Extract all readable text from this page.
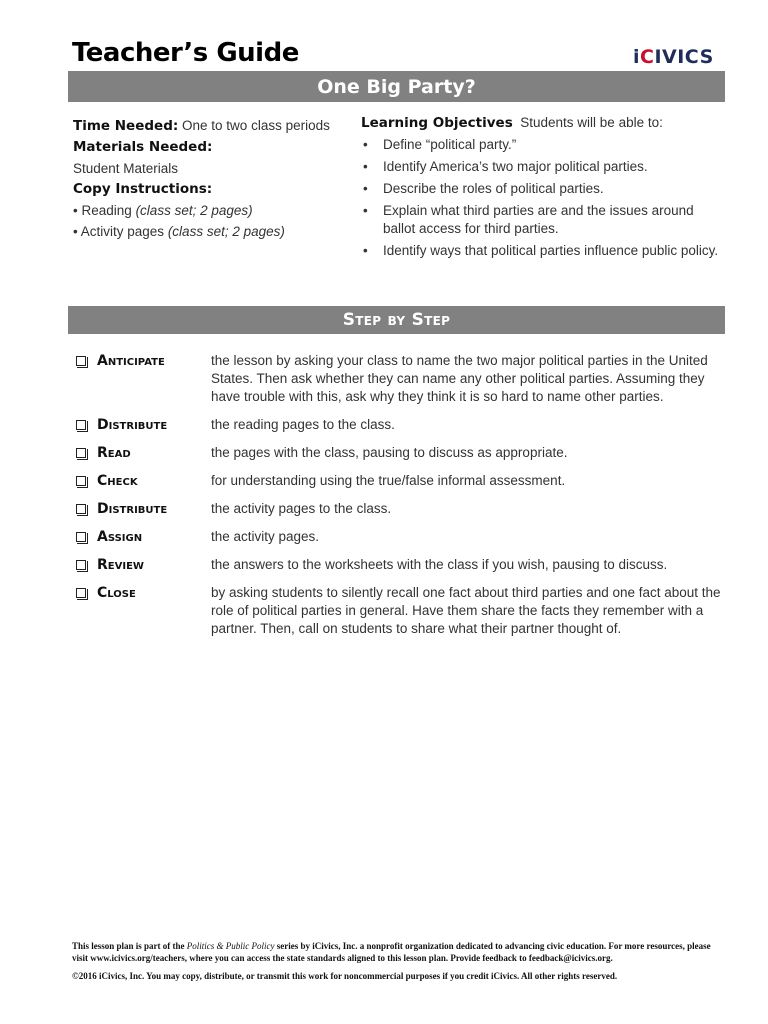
Teacher’s Guide	iCIVICS
One Big Party?
Time Needed: One to two class periods
Materials Needed:
Student Materials
Copy Instructions:
• Reading (class set; 2 pages)
• Activity pages (class set; 2 pages)
Learning Objectives Students will be able to:
• Define “political party.”
• Identify America’s two major political parties.
• Describe the roles of political parties.
• Explain what third parties are and the issues around ballot access for third parties.
• Identify ways that political parties influence public policy.
Step by Step
Anticipate	the lesson by asking your class to name the two major political parties in the United States. Then ask whether they can name any other political parties. Assuming they have trouble with this, ask why they think it is so hard to name other parties.
Distribute	the reading pages to the class.
Read	the pages with the class, pausing to discuss as appropriate.
Check	for understanding using the true/false informal assessment.
Distribute	the activity pages to the class.
Assign	the activity pages.
Review	the answers to the worksheets with the class if you wish, pausing to discuss.
Close	by asking students to silently recall one fact about third parties and one fact about the role of political parties in general. Have them share the facts they remember with a partner. Then, call on students to share what their partner thought of.
This lesson plan is part of the Politics & Public Policy series by iCivics, Inc. a nonprofit organization dedicated to advancing civic education. For more resources, please visit www.icivics.org/teachers, where you can access the state standards aligned to this lesson plan. Provide feedback to feedback@icivics.org.
©2016 iCivics, Inc. You may copy, distribute, or transmit this work for noncommercial purposes if you credit iCivics. All other rights reserved.
